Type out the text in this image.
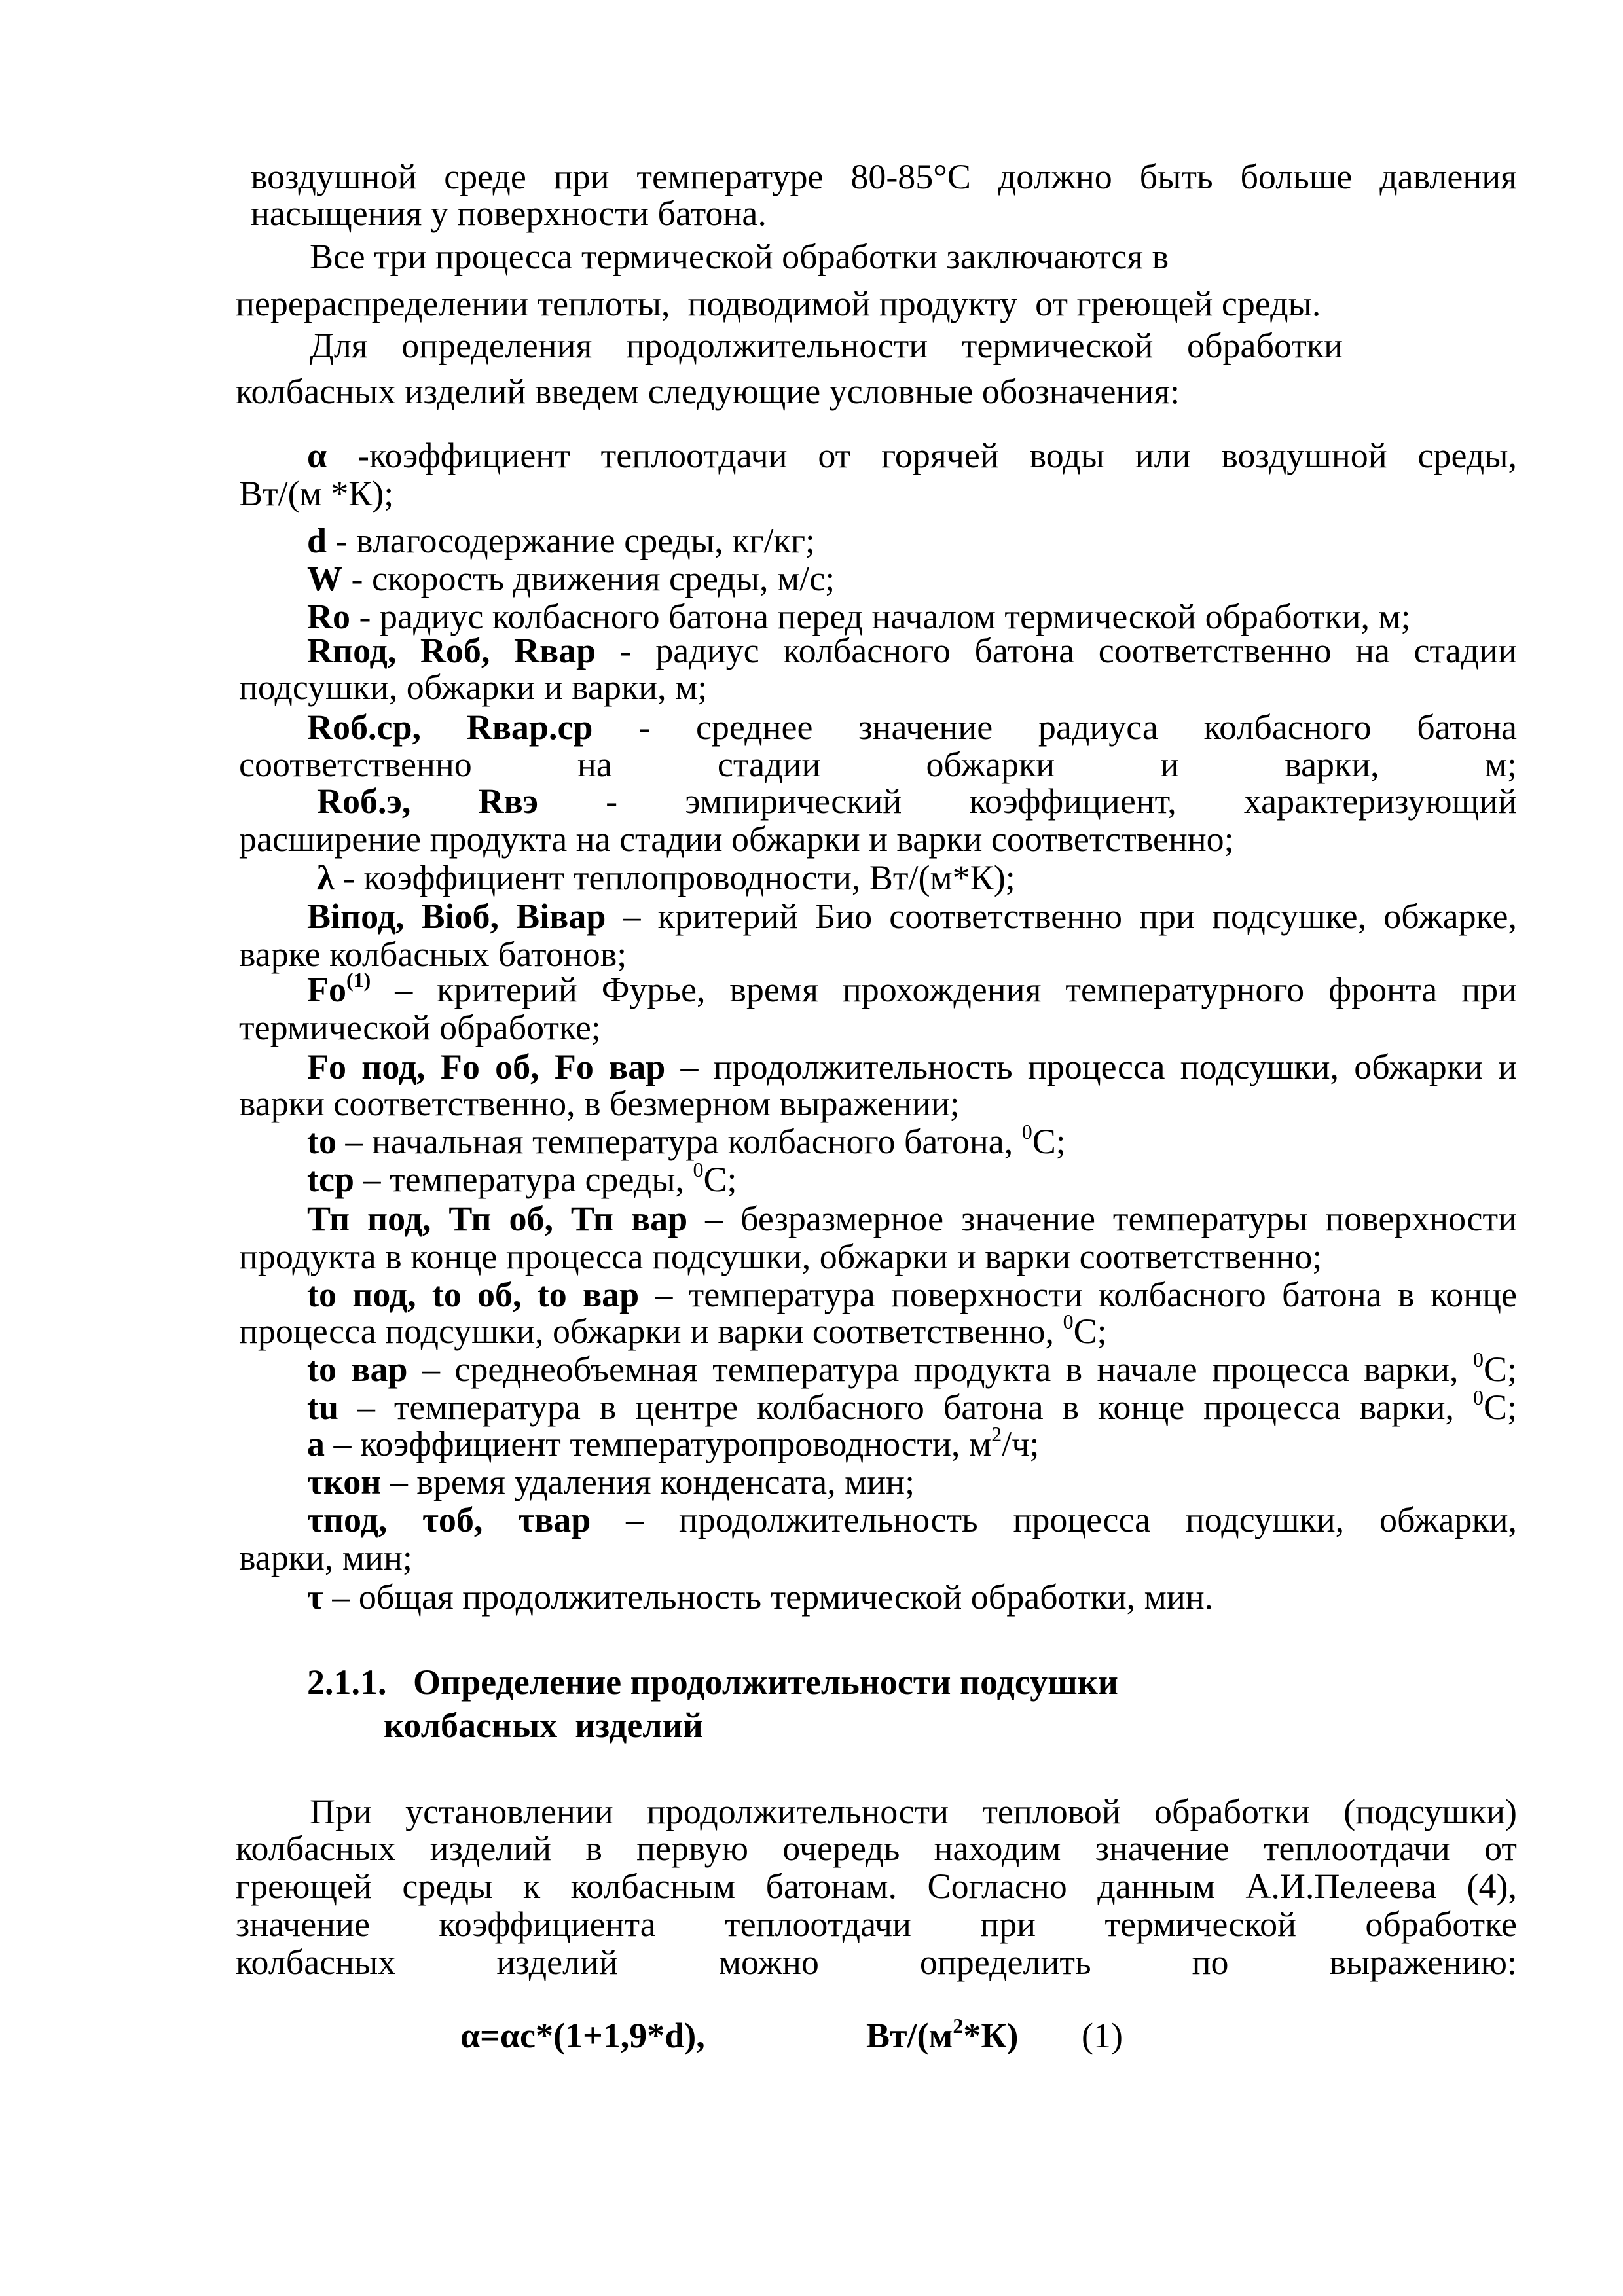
воздушной среде при температуре 80-85°С должно быть больше давления
насыщения у поверхности батона.
Все три процесса термической обработки заключаются в
перераспределении теплоты,  подводимой продукту  от греющей среды.
Для определения продолжительности термической обработки
колбасных изделий введем следующие условные обозначения:
α -коэффициент теплоотдачи от горячей воды или воздушной среды,
Вт/(м *К);
d - влагосодержание среды, кг/кг;
W - скорость движения среды, м/с;
Ro - радиус колбасного батона перед началом термической обработки, м;
Rпод, Rоб, Rвар - радиус колбасного батона соответственно на стадии
подсушки, обжарки и варки, м;
Rоб.ср, Rвар.ср - среднее значение радиуса колбасного батона
соответственно на стадии обжарки и варки, м;
Rоб.э, Rвэ - эмпирический коэффициент, характеризующий
расширение продукта на стадии обжарки и варки соответственно;
λ - коэффициент теплопроводности, Вт/(м*К);
Biпод, Biоб, Biвар – критерий Био соответственно при подсушке, обжарке,
варке колбасных батонов;
Fo$^{(1)}$ – критерий Фурье, время прохождения температурного фронта при
термической обработке;
Fo под, Fo об, Fo вар – продолжительность процесса подсушки, обжарки и
варки соответственно, в безмерном выражении;
to – начальная температура колбасного батона, $^0$С;
tср – температура среды, $^0$С;
Тп под, Тп об, Тп вар – безразмерное значение температуры поверхности
продукта в конце процесса подсушки, обжарки и варки соответственно;
to под, to об, to вар – температура поверхности колбасного батона в конце
процесса подсушки, обжарки и варки соответственно, $^0$С;
to вар – среднеобъемная температура продукта в начале процесса варки, $^0$С;
tu – температура в центре колбасного батона в конце процесса варки, $^0$С;
a – коэффициент температуропроводности, $м^2/ч$;
τкон – время удаления конденсата, мин;
τпод, τоб, τвар – продолжительность процесса подсушки, обжарки,
варки, мин;
τ – общая продолжительность термической обработки, мин.
2.1.1.   Определение продолжительности подсушки
колбасных  изделий
При установлении продолжительности тепловой обработки (подсушки)
колбасных изделий в первую очередь находим значение теплоотдачи от
греющей среды к колбасным батонам. Согласно данным А.И.Пелеева (4),
значение коэффициента теплоотдачи при термической обработке
колбасных изделий можно определить по выражению:
α=αс*(1+1,9*d),	$Вт/(м^2*К)$ (1)
